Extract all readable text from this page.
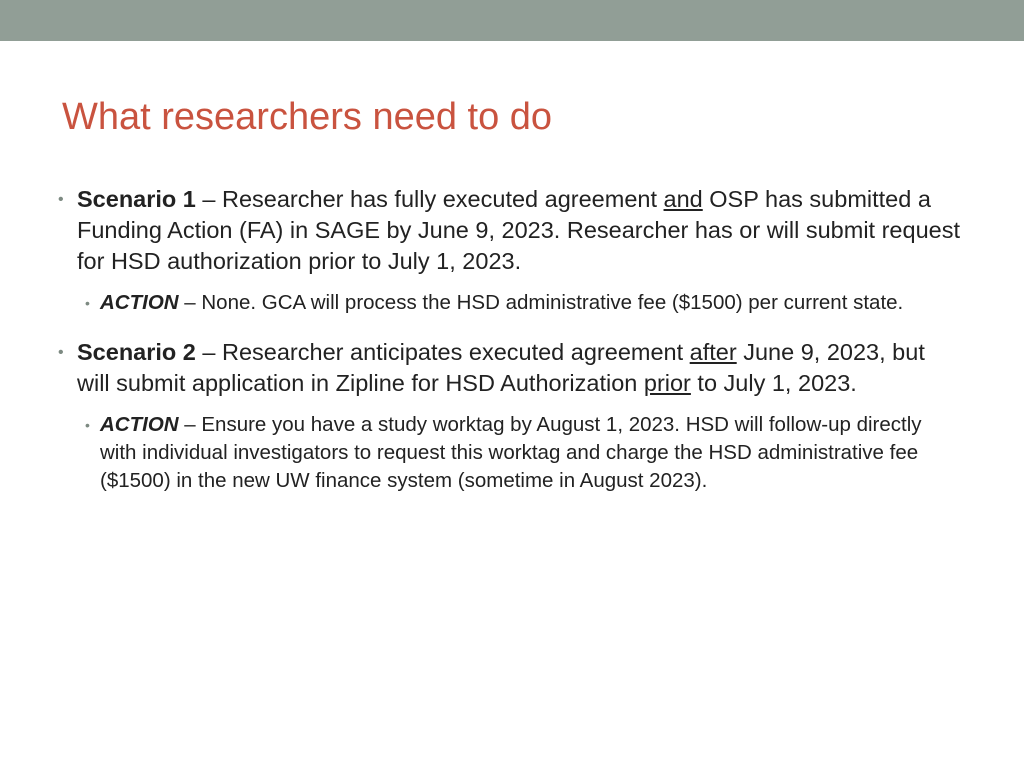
What researchers need to do
• Scenario 1 – Researcher has fully executed agreement and OSP has submitted a Funding Action (FA) in SAGE by June 9, 2023. Researcher has or will submit request for HSD authorization prior to July 1, 2023.
• ACTION – None. GCA will process the HSD administrative fee ($1500) per current state.
• Scenario 2 – Researcher anticipates executed agreement after June 9, 2023, but will submit application in Zipline for HSD Authorization prior to July 1, 2023.
• ACTION – Ensure you have a study worktag by August 1, 2023. HSD will follow-up directly with individual investigators to request this worktag and charge the HSD administrative fee ($1500) in the new UW finance system (sometime in August 2023).
